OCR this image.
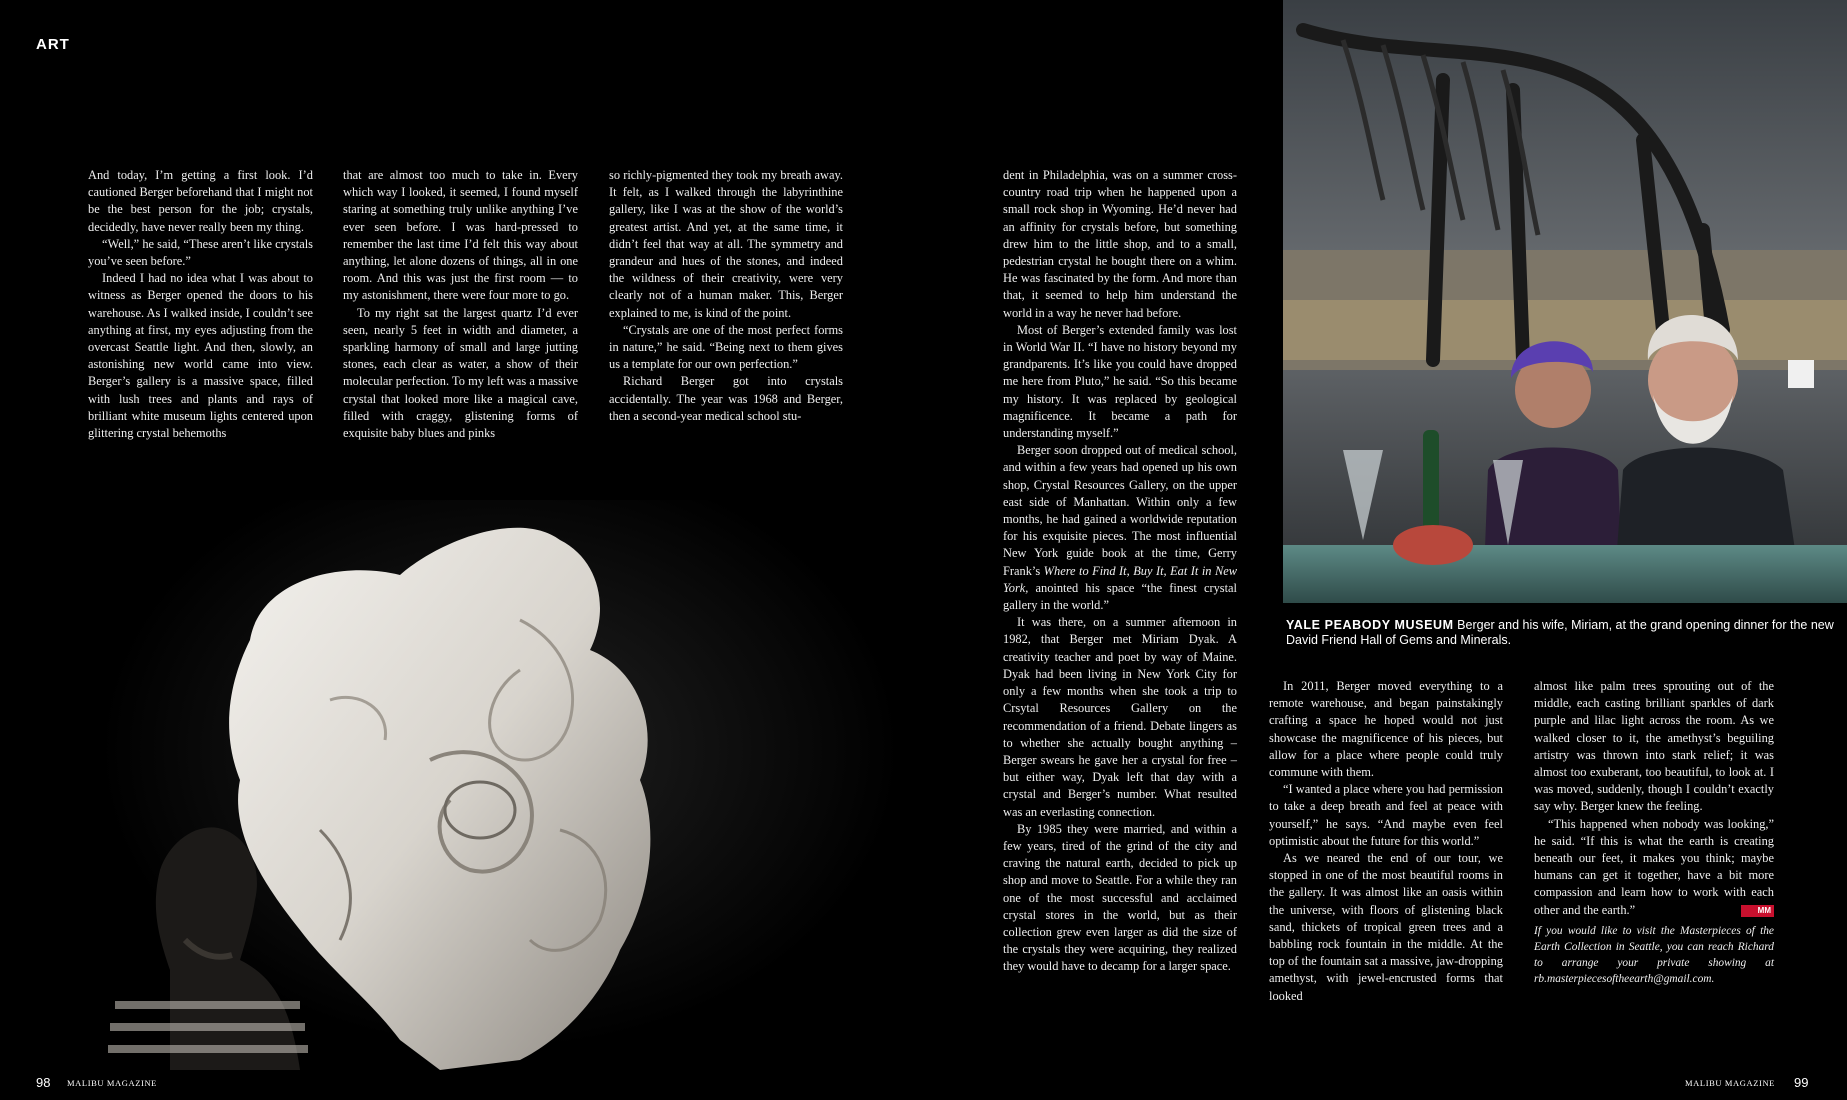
ART

And today, I’m getting a first look. I’d cautioned Berger beforehand that I might not be the best person for the job; crystals, decidedly, have never really been my thing.

“Well,” he said, “These aren’t like crystals you’ve seen before.”

Indeed I had no idea what I was about to witness as Berger opened the doors to his warehouse. As I walked inside, I couldn’t see anything at first, my eyes adjusting from the overcast Seattle light. And then, slowly, an astonishing new world came into view. Berger’s gallery is a massive space, filled with lush trees and plants and rays of brilliant white museum lights centered upon glittering crystal behemoths

that are almost too much to take in. Every which way I looked, it seemed, I found myself staring at something truly unlike anything I’ve ever seen before. I was hard-pressed to remember the last time I’d felt this way about anything, let alone dozens of things, all in one room. And this was just the first room — to my astonishment, there were four more to go.

To my right sat the largest quartz I’d ever seen, nearly 5 feet in width and diameter, a sparkling harmony of small and large jutting stones, each clear as water, a show of their molecular perfection. To my left was a massive crystal that looked more like a magical cave, filled with craggy, glistening forms of exquisite baby blues and pinks

so richly-pigmented they took my breath away. It felt, as I walked through the labyrinthine gallery, like I was at the show of the world’s greatest artist. And yet, at the same time, it didn’t feel that way at all. The symmetry and grandeur and hues of the stones, and indeed the wildness of their creativity, were very clearly not of a human maker. This, Berger explained to me, is kind of the point.

“Crystals are one of the most perfect forms in nature,” he said. “Being next to them gives us a template for our own perfection.”

Richard Berger got into crystals accidentally. The year was 1968 and Berger, then a second-year medical school stu-

98 MALIBU MAGAZINE
YALE PEABODY MUSEUM Berger and his wife, Miriam, at the grand opening dinner for the new David Friend Hall of Gems and Minerals.

dent in Philadelphia, was on a summer cross-country road trip when he happened upon a small rock shop in Wyoming. He’d never had an affinity for crystals before, but something drew him to the little shop, and to a small, pedestrian crystal he bought there on a whim. He was fascinated by the form. And more than that, it seemed to help him understand the world in a way he never had before.

Most of Berger’s extended family was lost in World War II. “I have no history beyond my grandparents. It’s like you could have dropped me here from Pluto,” he said. “So this became my history. It was replaced by geological magnificence. It became a path for understanding myself.”

Berger soon dropped out of medical school, and within a few years had opened up his own shop, Crystal Resources Gallery, on the upper east side of Manhattan. Within only a few months, he had gained a worldwide reputation for his exquisite pieces. The most influential New York guide book at the time, Gerry Frank’s Where to Find It, Buy It, Eat It in New York, anointed his space “the finest crystal gallery in the world.”

It was there, on a summer afternoon in 1982, that Berger met Miriam Dyak. A creativity teacher and poet by way of Maine. Dyak had been living in New York City for only a few months when she took a trip to Crsytal Resources Gallery on the recommendation of a friend. Debate lingers as to whether she actually bought anything – Berger swears he gave her a crystal for free – but either way, Dyak left that day with a crystal and Berger’s number. What resulted was an everlasting connection.

By 1985 they were married, and within a few years, tired of the grind of the city and craving the natural earth, decided to pick up shop and move to Seattle. For a while they ran one of the most successful and acclaimed crystal stores in the world, but as their collection grew even larger as did the size of the crystals they were acquiring, they realized they would have to decamp for a larger space.

In 2011, Berger moved everything to a remote warehouse, and began painstakingly crafting a space he hoped would not just showcase the magnificence of his pieces, but allow for a place where people could truly commune with them.

“I wanted a place where you had permission to take a deep breath and feel at peace with yourself,” he says. “And maybe even feel optimistic about the future for this world.”

As we neared the end of our tour, we stopped in one of the most beautiful rooms in the gallery. It was almost like an oasis within the universe, with floors of glistening black sand, thickets of tropical green trees and a babbling rock fountain in the middle. At the top of the fountain sat a massive, jaw-dropping amethyst, with jewel-encrusted forms that looked

almost like palm trees sprouting out of the middle, each casting brilliant sparkles of dark purple and lilac light across the room. As we walked closer to it, the amethyst’s beguiling artistry was thrown into stark relief; it was almost too exuberant, too beautiful, to look at. I was moved, suddenly, though I couldn’t exactly say why. Berger knew the feeling.

“This happened when nobody was looking,” he said. “If this is what the earth is creating beneath our feet, it makes you think; maybe humans can get it together, have a bit more compassion and learn how to work with each other and the earth.”	MM

If you would like to visit the Masterpieces of the Earth Collection in Seattle, you can reach Richard to arrange your private showing at rb.masterpiecesoftheearth@gmail.com.

MALIBU MAGAZINE 99
